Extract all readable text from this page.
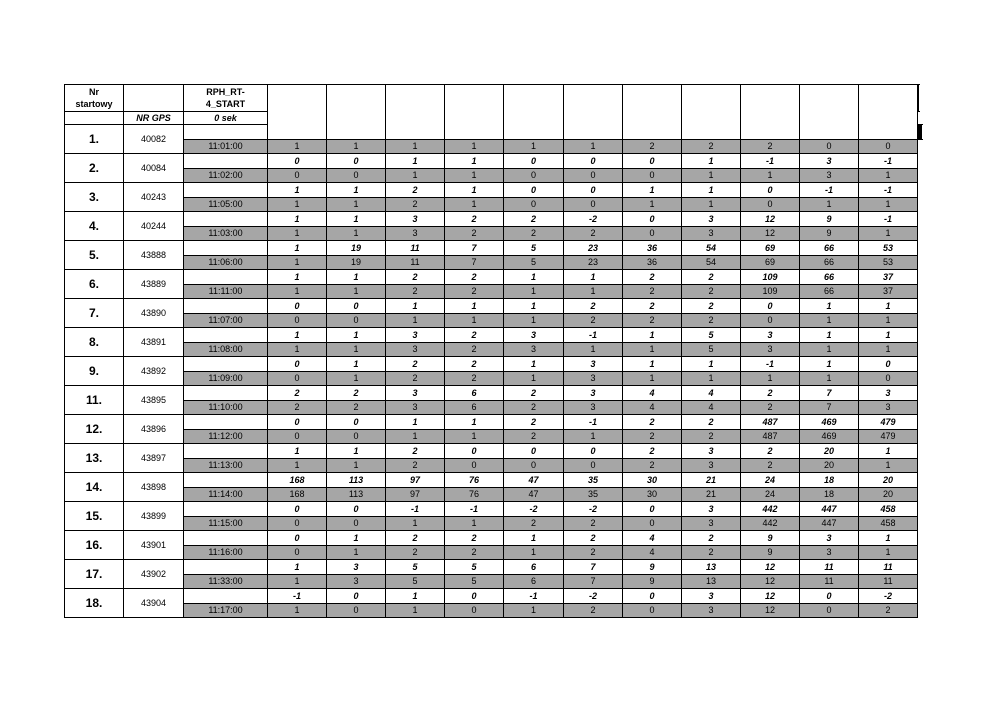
Nr
startowy		RPH_RT-
4_START														

	NR GPS	0 sek														
1.	40082												
		11:01:00	1	1	1	1	1	1	2	2	2	0	0			
2.	40084		0	0	1	1	0	0	0	1	-1	3	-1			
		11:02:00	0	0	1	1	0	0	0	1	1	3	1			
3.	40243		1	1	2	1	0	0	1	1	0	-1	-1			
		11:05:00	1	1	2	1	0	0	1	1	0	1	1			
4.	40244		1	1	3	2	2	-2	0	3	12	9	-1			
		11:03:00	1	1	3	2	2	2	0	3	12	9	1			
5.	43888		1	19	11	7	5	23	36	54	69	66	53			
		11:06:00	1	19	11	7	5	23	36	54	69	66	53			
6.	43889		1	1	2	2	1	1	2	2	109	66	37			
		11:11:00	1	1	2	2	1	1	2	2	109	66	37			
7.	43890		0	0	1	1	1	2	2	2	0	1	1			
		11:07:00	0	0	1	1	1	2	2	2	0	1	1			
8.	43891		1	1	3	2	3	-1	1	5	3	1	1			
		11:08:00	1	1	3	2	3	1	1	5	3	1	1			
9.	43892		0	1	2	2	1	3	1	1	-1	1	0			
		11:09:00	0	1	2	2	1	3	1	1	1	1	0			
11.	43895		2	2	3	6	2	3	4	4	2	7	3			
		11:10:00	2	2	3	6	2	3	4	4	2	7	3			
12.	43896		0	0	1	1	2	-1	2	2	487	469	479			
		11:12:00	0	0	1	1	2	1	2	2	487	469	479			
13.	43897		1	1	2	0	0	0	2	3	2	20	1			
		11:13:00	1	1	2	0	0	0	2	3	2	20	1			
14.	43898		168	113	97	76	47	35	30	21	24	18	20			
		11:14:00	168	113	97	76	47	35	30	21	24	18	20			
15.	43899		0	0	-1	-1	-2	-2	0	3	442	447	458			
		11:15:00	0	0	1	1	2	2	0	3	442	447	458			
16.	43901		0	1	2	2	1	2	4	2	9	3	1			
		11:16:00	0	1	2	2	1	2	4	2	9	3	1			
17.	43902		1	3	5	5	6	7	9	13	12	11	11			
		11:33:00	1	3	5	5	6	7	9	13	12	11	11			
18.	43904		-1	0	1	0	-1	-2	0	3	12	0	-2			
		11:17:00	1	0	1	0	1	2	0	3	12	0	2			
